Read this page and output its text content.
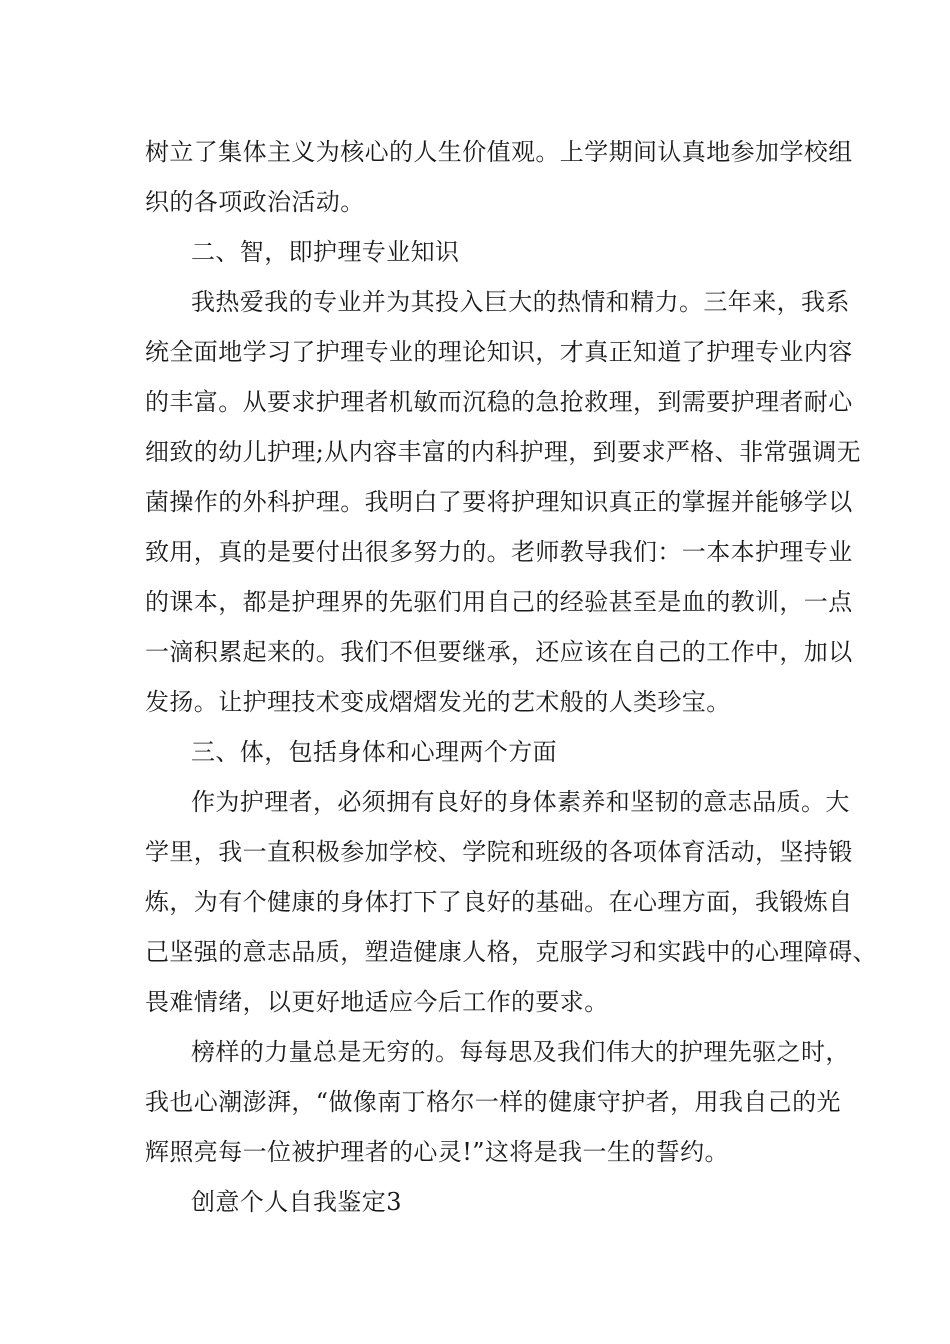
树立了集体主义为核心的人生价值观。上学期间认真地参加学校组
织的各项政治活动。
二、智，即护理专业知识
我热爱我的专业并为其投入巨大的热情和精力。三年来，我系
统全面地学习了护理专业的理论知识，才真正知道了护理专业内容
的丰富。从要求护理者机敏而沉稳的急抢救理，到需要护理者耐心
细致的幼儿护理;从内容丰富的内科护理，到要求严格、非常强调无
菌操作的外科护理。我明白了要将护理知识真正的掌握并能够学以
致用，真的是要付出很多努力的。老师教导我们：一本本护理专业
的课本，都是护理界的先驱们用自己的经验甚至是血的教训，一点
一滴积累起来的。我们不但要继承，还应该在自己的工作中，加以
发扬。让护理技术变成熠熠发光的艺术般的人类珍宝。
三、体，包括身体和心理两个方面
作为护理者，必须拥有良好的身体素养和坚韧的意志品质。大
学里，我一直积极参加学校、学院和班级的各项体育活动，坚持锻
炼，为有个健康的身体打下了良好的基础。在心理方面，我锻炼自
己坚强的意志品质，塑造健康人格，克服学习和实践中的心理障碍、
畏难情绪，以更好地适应今后工作的要求。
榜样的力量总是无穷的。每每思及我们伟大的护理先驱之时，
我也心潮澎湃，“做像南丁格尔一样的健康守护者，用我自己的光
辉照亮每一位被护理者的心灵!”这将是我一生的誓约。
创意个人自我鉴定3
